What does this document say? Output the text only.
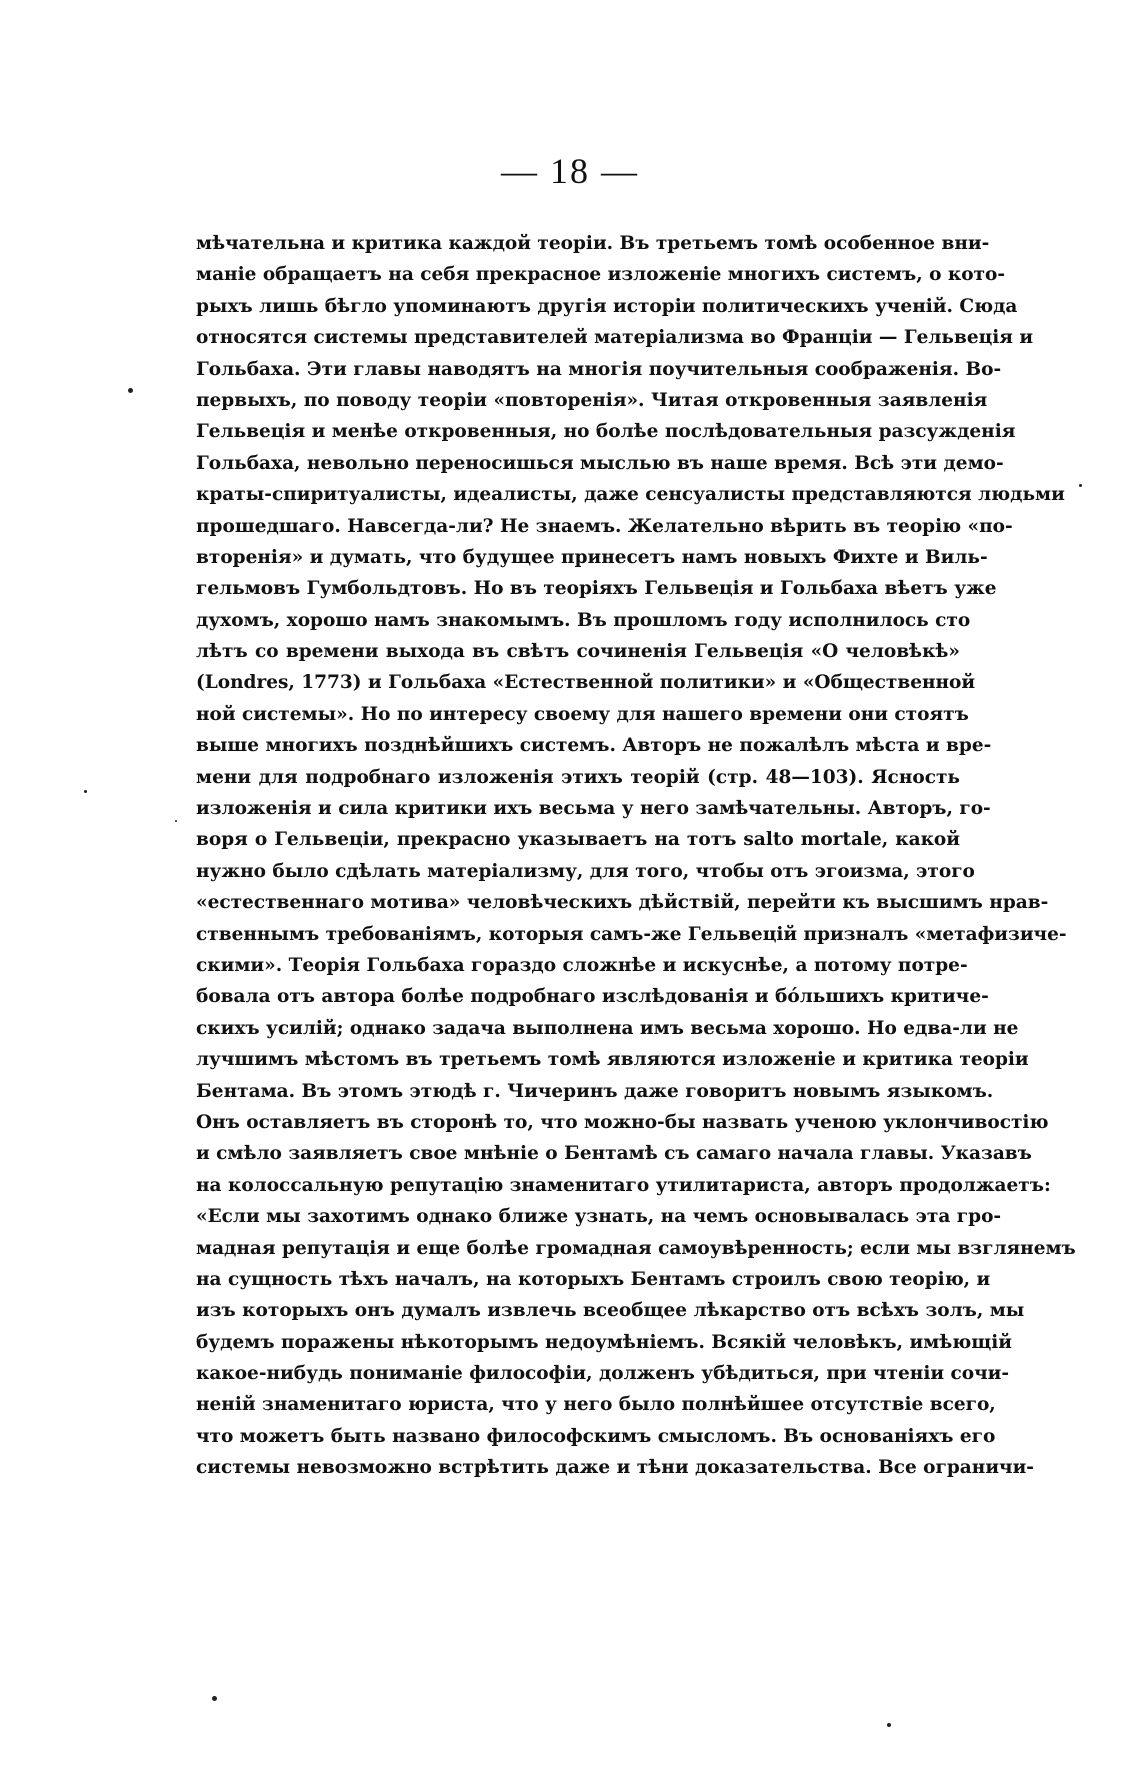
— 18 —
мѣчательна и критика каждой теоріи. Въ третьемъ томѣ особенное вни-
маніе обращаетъ на себя прекрасное изложеніе многихъ системъ, о кото-
рыхъ лишь бѣгло упоминаютъ другія исторіи политическихъ ученій. Сюда
относятся системы представителей матеріализма во Франціи — Гельвеція и
Гольбаха. Эти главы наводятъ на многія поучительныя соображенія. Во-
первыхъ, по поводу теоріи «повторенія». Читая откровенныя заявленія
Гельвеція и менѣе откровенныя, но болѣе послѣдовательныя разсужденія
Гольбаха, невольно переносишься мыслью въ наше время. Всѣ эти демо-
краты-спиритуалисты, идеалисты, даже сенсуалисты представляются людьми
прошедшаго. Навсегда-ли? Не знаемъ. Желательно вѣрить въ теорію «по-
вторенія» и думать, что будущее принесетъ намъ новыхъ Фихте и Виль-
гельмовъ Гумбольдтовъ. Но въ теоріяхъ Гельвеція и Гольбаха вѣетъ уже
духомъ, хорошо намъ знакомымъ. Въ прошломъ году исполнилось сто
лѣтъ со времени выхода въ свѣтъ сочиненія Гельвеція «О человѣкѣ»
(Londres, 1773) и Гольбаха «Естественной политики» и «Общественной
ной системы». Но по интересу своему для нашего времени они стоятъ
выше многихъ позднѣйшихъ системъ. Авторъ не пожалѣлъ мѣста и вре-
мени для подробнаго изложенія этихъ теорій (стр. 48—103). Ясность
изложенія и сила критики ихъ весьма у него замѣчательны. Авторъ, го-
воря о Гельвеціи, прекрасно указываетъ на тотъ salto mortale, какой
нужно было сдѣлать матеріализму, для того, чтобы отъ эгоизма, этого
«естественнаго мотива» человѣческихъ дѣйствій, перейти къ высшимъ нрав-
ственнымъ требованіямъ, которыя самъ-же Гельвецій призналъ «метафизиче-
скими». Теорія Гольбаха гораздо сложнѣе и искуснѣе, а потому потре-
бовала отъ автора болѣе подробнаго изслѣдованія и бóльшихъ критиче-
скихъ усилій; однако задача выполнена имъ весьма хорошо. Но едва-ли не
лучшимъ мѣстомъ въ третьемъ томѣ являются изложеніе и критика теоріи
Бентама. Въ этомъ этюдѣ г. Чичеринъ даже говоритъ новымъ языкомъ.
Онъ оставляетъ въ сторонѣ то, что можно-бы назвать ученою уклончивостію
и смѣло заявляетъ свое мнѣніе о Бентамѣ съ самаго начала главы. Указавъ
на колоссальную репутацію знаменитаго утилитариста, авторъ продолжаетъ:
«Если мы захотимъ однако ближе узнать, на чемъ основывалась эта гро-
мадная репутація и еще болѣе громадная самоувѣренность; если мы взглянемъ
на сущность тѣхъ началъ, на которыхъ Бентамъ строилъ свою теорію, и
изъ которыхъ онъ думалъ извлечь всеобщее лѣкарство отъ всѣхъ золъ, мы
будемъ поражены нѣкоторымъ недоумѣніемъ. Всякій человѣкъ, имѣющій
какое-нибудь пониманіе философіи, долженъ убѣдиться, при чтеніи сочи-
неній знаменитаго юриста, что у него было полнѣйшее отсутствіе всего,
что можетъ быть названо философскимъ смысломъ. Въ основаніяхъ его
системы невозможно встрѣтить даже и тѣни доказательства. Все ограничи-
